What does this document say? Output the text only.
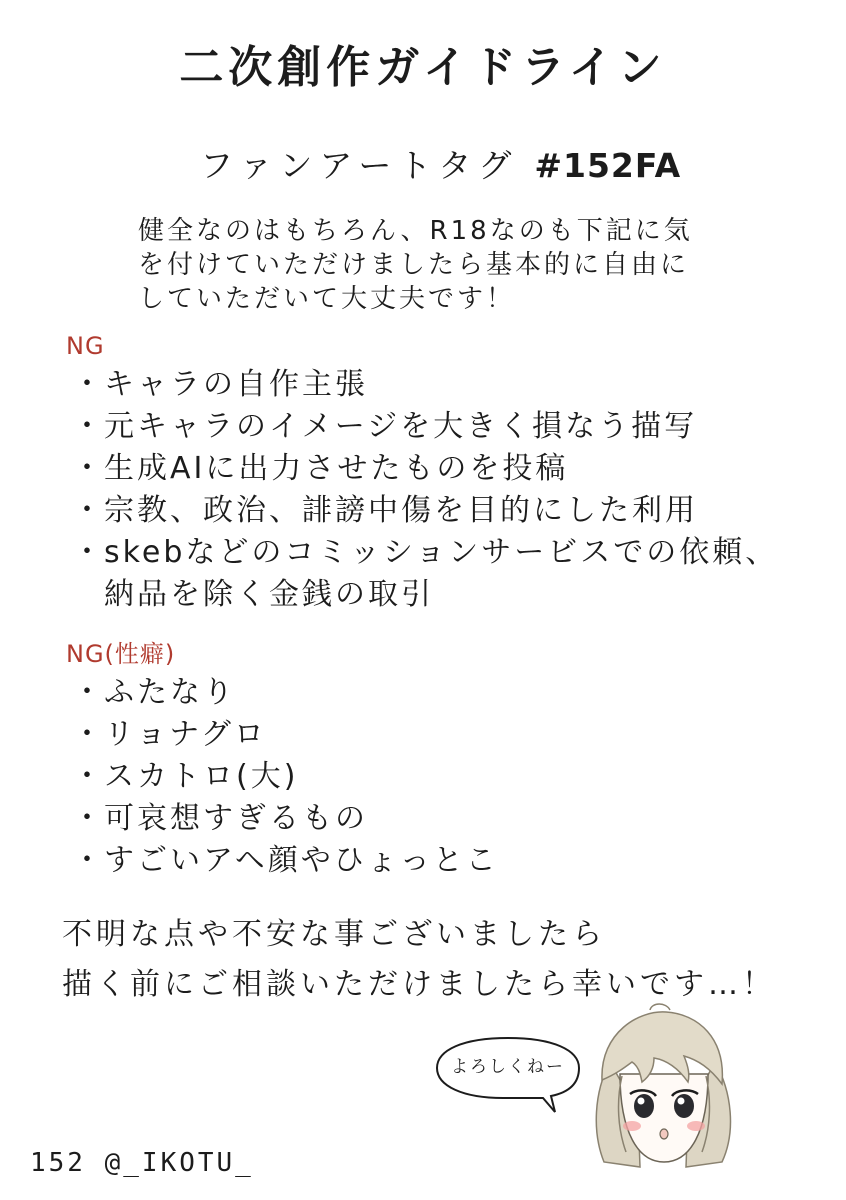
二次創作ガイドライン
ファンアートタグ #152FA
健全なのはもちろん、R18なのも下記に気
を付けていただけましたら基本的に自由に
していただいて大丈夫です！
NG
・ キャラの自作主張
・ 元キャラのイメージを大きく損なう描写
・ 生成AIに出力させたものを投稿
・ 宗教、政治、誹謗中傷を目的にした利用
・ skebなどのコミッションサービスでの依頼、
納品を除く金銭の取引
NG(性癖)
・ ふたなり
・ リョナグロ
・ スカトロ(大)
・ 可哀想すぎるもの
・ すごいアヘ顔やひょっとこ
不明な点や不安な事ございましたら
描く前にご相談いただけましたら幸いです…！
よろしくねー
152 @_IKOTU_
